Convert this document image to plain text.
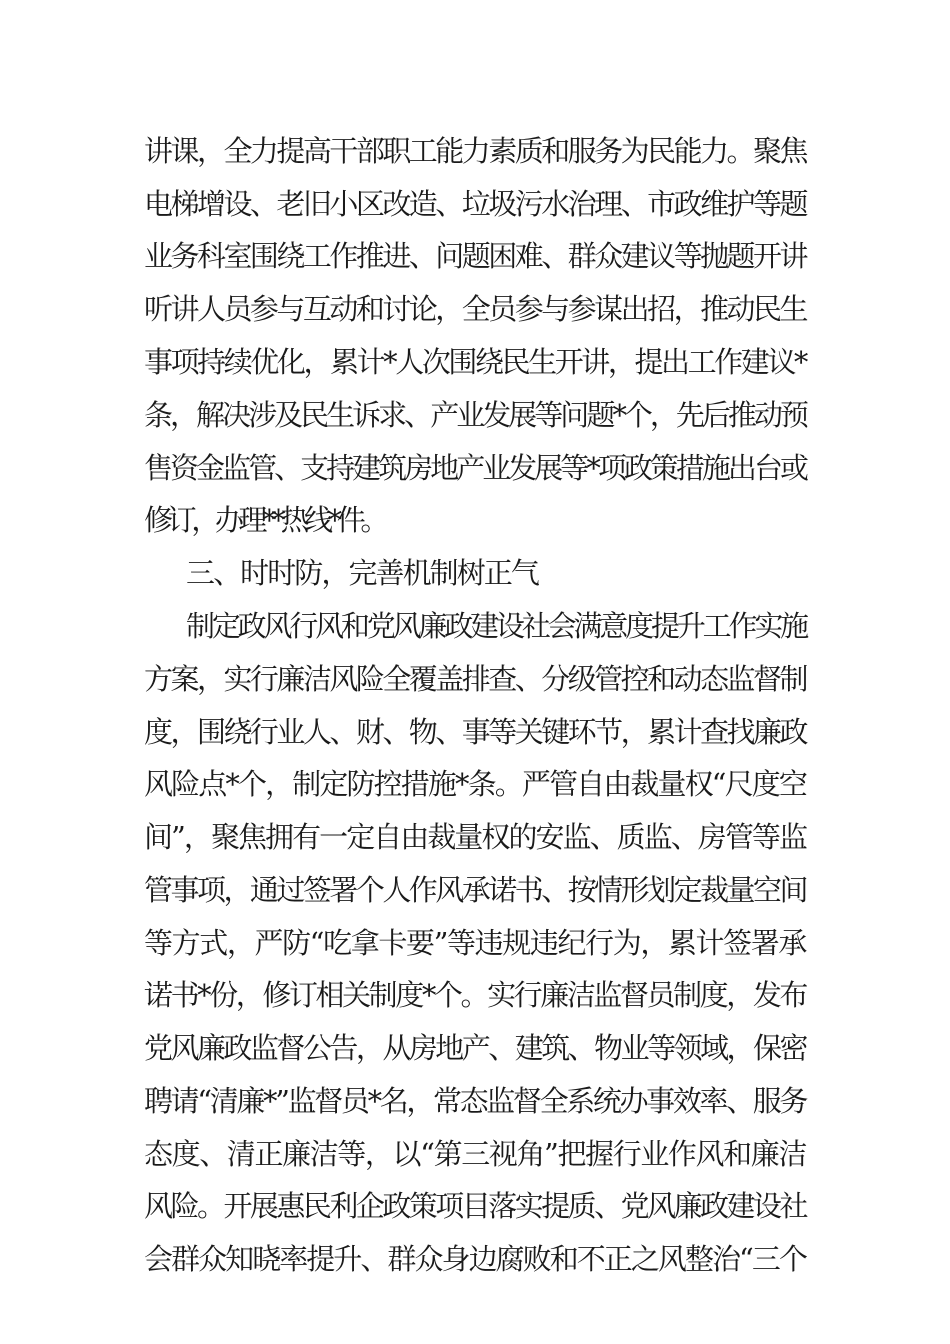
讲课，全力提高干部职工能力素质和服务为民能力。聚焦
电梯增设、老旧小区改造、垃圾污水治理、市政维护等题
业务科室围绕工作推进、问题困难、群众建议等抛题开讲
听讲人员参与互动和讨论，全员参与参谋出招，推动民生
事项持续优化，累计*人次围绕民生开讲，提出工作建议*
条，解决涉及民生诉求、产业发展等问题*个，先后推动预
售资金监管、支持建筑房地产业发展等*项政策措施出台或
修订，办理**热线*件。
三、时时防，完善机制树正气
制定政风行风和党风廉政建设社会满意度提升工作实施
方案，实行廉洁风险全覆盖排查、分级管控和动态监督制
度，围绕行业人、财、物、事等关键环节，累计查找廉政
风险点*个，制定防控措施*条。严管自由裁量权“尺度空
间”，聚焦拥有一定自由裁量权的安监、质监、房管等监
管事项，通过签署个人作风承诺书、按情形划定裁量空间
等方式，严防“吃拿卡要”等违规违纪行为，累计签署承
诺书*份，修订相关制度*个。实行廉洁监督员制度，发布
党风廉政监督公告，从房地产、建筑、物业等领域，保密
聘请“清廉*”监督员*名，常态监督全系统办事效率、服务
态度、清正廉洁等，以“第三视角”把握行业作风和廉洁
风险。开展惠民利企政策项目落实提质、党风廉政建设社
会群众知晓率提升、群众身边腐败和不正之风整治“三个
